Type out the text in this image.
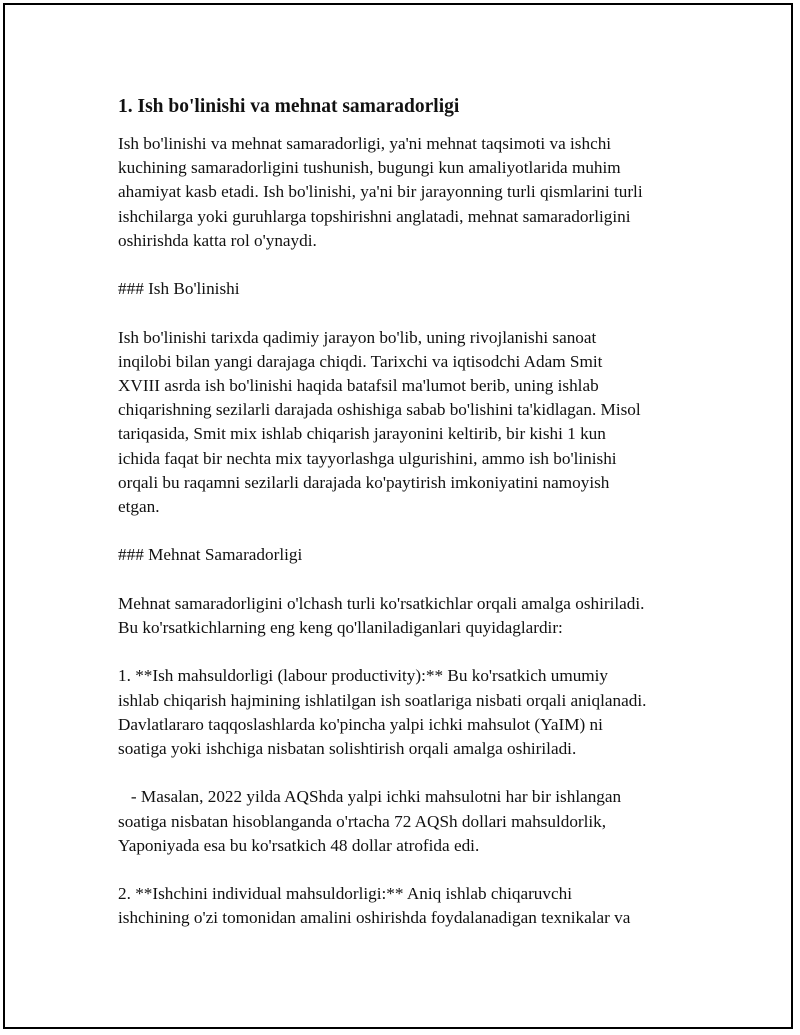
1. Ish bo'linishi va mehnat samaradorligi
Ish bo'linishi va mehnat samaradorligi, ya'ni mehnat taqsimoti va ishchi
kuchining samaradorligini tushunish, bugungi kun amaliyotlarida muhim
ahamiyat kasb etadi. Ish bo'linishi, ya'ni bir jarayonning turli qismlarini turli
ishchilarga yoki guruhlarga topshirishni anglatadi, mehnat samaradorligini
oshirishda katta rol o'ynaydi.
### Ish Bo'linishi
Ish bo'linishi tarixda qadimiy jarayon bo'lib, uning rivojlanishi sanoat
inqilobi bilan yangi darajaga chiqdi. Tarixchi va iqtisodchi Adam Smit
XVIII asrda ish bo'linishi haqida batafsil ma'lumot berib, uning ishlab
chiqarishning sezilarli darajada oshishiga sabab bo'lishini ta'kidlagan. Misol
tariqasida, Smit mix ishlab chiqarish jarayonini keltirib, bir kishi 1 kun
ichida faqat bir nechta mix tayyorlashga ulgurishini, ammo ish bo'linishi
orqali bu raqamni sezilarli darajada ko'paytirish imkoniyatini namoyish
etgan.
### Mehnat Samaradorligi
Mehnat samaradorligini o'lchash turli ko'rsatkichlar orqali amalga oshiriladi.
Bu ko'rsatkichlarning eng keng qo'llaniladiganlari quyidaglardir:
1. **Ish mahsuldorligi (labour productivity):** Bu ko'rsatkich umumiy
ishlab chiqarish hajmining ishlatilgan ish soatlariga nisbati orqali aniqlanadi.
Davlatlararo taqqoslashlarda ko'pincha yalpi ichki mahsulot (YaIM) ni
soatiga yoki ishchiga nisbatan solishtirish orqali amalga oshiriladi.
- Masalan, 2022 yilda AQShda yalpi ichki mahsulotni har bir ishlangan
soatiga nisbatan hisoblanganda o'rtacha 72 AQSh dollari mahsuldorlik,
Yaponiyada esa bu ko'rsatkich 48 dollar atrofida edi.
2. **Ishchini individual mahsuldorligi:** Aniq ishlab chiqaruvchi
ishchining o'zi tomonidan amalini oshirishda foydalanadigan texnikalar va
